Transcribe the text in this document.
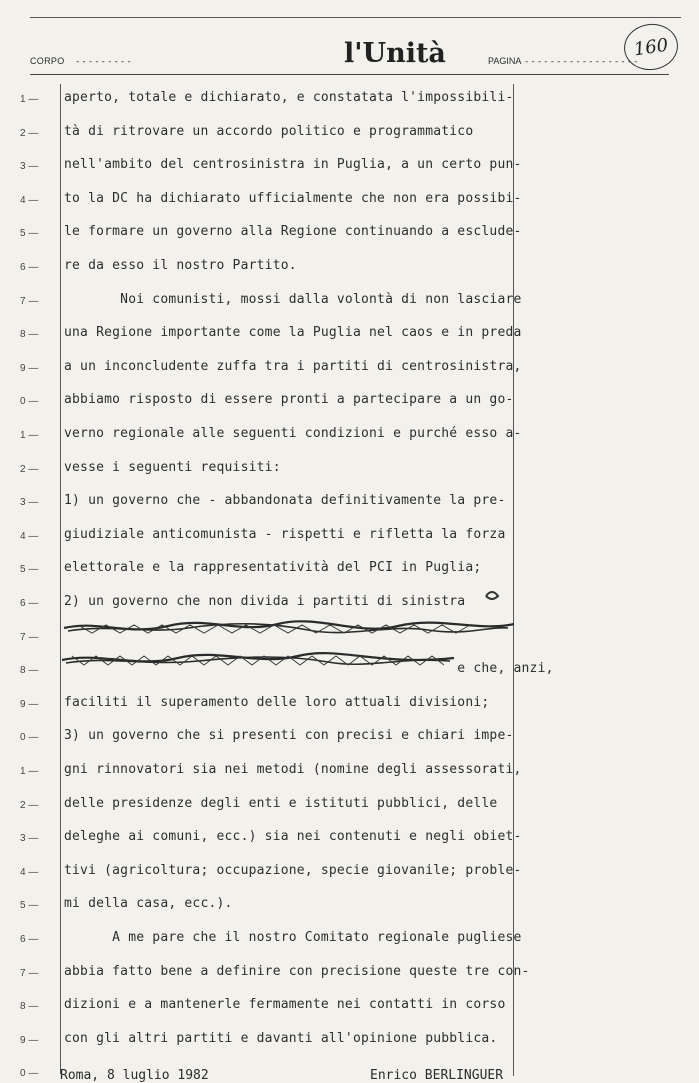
CORPO ---------	l'Unità	PAGINA ------------------
160
1 —
2 —
3 —
4 —
5 —
6 —
7 —
8 —
9 —
0 —
1 —
2 —
3 —
4 —
5 —
6 —
7 —
8 —
9 —
0 —
1 —
2 —
3 —
4 —
5 —
6 —
7 —
8 —
9 —
0 —
aperto, totale e dichiarato, e constatata l'impossibili-
tà di ritrovare un accordo politico e programmatico
nell'ambito del centrosinistra in Puglia, a un certo pun-
to la DC ha dichiarato ufficialmente che non era possibi-
le formare un governo alla Regione continuando a esclude-
re da esso il nostro Partito.
Noi comunisti, mossi dalla volontà di non lasciare
una Regione importante come la Puglia nel caos e in preda
a un inconcludente zuffa tra i partiti di centrosinistra,
abbiamo risposto di essere pronti a partecipare a un go-
verno regionale alle seguenti condizioni e purché esso a-
vesse i seguenti requisiti:
1) un governo che - abbandonata definitivamente la pre-
giudiziale anticomunista - rispetti e rifletta la forza
elettorale e la rappresentatività del PCI in Puglia;
2) un governo che non divida i partiti di sinistra
e che, anzi,
faciliti il superamento delle loro attuali divisioni;
3) un governo che si presenti con precisi e chiari impe-
gni rinnovatori sia nei metodi (nomine degli assessorati,
delle presidenze degli enti e istituti pubblici, delle
deleghe ai comuni, ecc.) sia nei contenuti e negli obiet-
tivi (agricoltura; occupazione, specie giovanile; proble-
mi della casa, ecc.).
A me pare che il nostro Comitato regionale pugliese
abbia fatto bene a definire con precisione queste tre con-
dizioni e a mantenerle fermamente nei contatti in corso
con gli altri partiti e davanti all'opinione pubblica.
Roma, 8 luglio 1982	Enrico BERLINGUER
